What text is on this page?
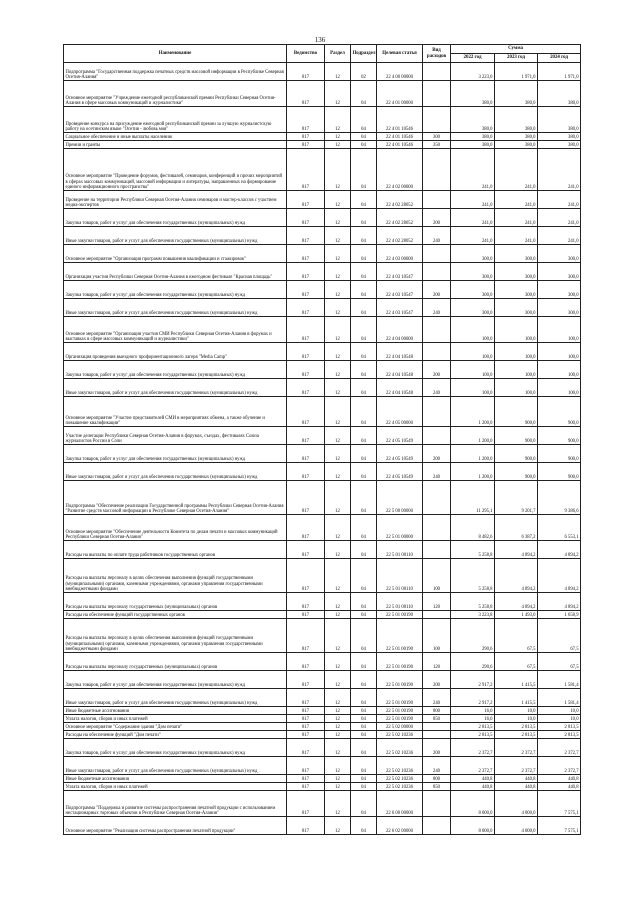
136
Наименование	Ведомство	Раздел	Подраздел	Целевая статья	Вид расходов	Сумма		
						2022 год	2023 год	2024 год
Подпрограмма "Государственная поддержка печатных средств массовой информации в Республике Северная Осетия-Алания"	817	12	02	22 4 00 00000		3 223,0	1 971,0	1 971,0
Основное мероприятие "Учреждение ежегодной республиканской премии Республики Северная Осетия-Алания в сфере массовых коммуникаций и журналистики"	817	12	04	22 4 01 00000		380,0	380,0	380,0
Проведение конкурса на присуждение ежегодной республиканской премии за лучшую журналистскую работу на осетинском языке "Осетия - любовь моя"	817	12	04	22 4 01 10546		380,0	380,0	380,0
Социальное обеспечение и иные выплаты населению	817	12	04	22 4 01 10546	300	380,0	380,0	380,0
Премии и гранты	817	12	04	22 4 01 10546	350	380,0	380,0	380,0
Основное мероприятие "Проведение форумов, фестивалей, семинаров, конференций и прочих мероприятий в сферах массовых коммуникаций, массовой информации и литературы, направленных на формирование единого информационного пространства"	817	12	04	22 4 02 00000		241,0	241,0	241,0
Проведение на территории Республики Северная Осетия-Алания семинаров и мастер-классов с участием медиа-экспертов	817	12	04	22 4 02 28052		241,0	241,0	241,0
Закупка товаров, работ и услуг для обеспечения государственных (муниципальных) нужд	817	12	04	22 4 02 28052	200	241,0	241,0	241,0
Иные закупки товаров, работ и услуг для обеспечения государственных (муниципальных) нужд	817	12	04	22 4 02 28052	240	241,0	241,0	241,0
Основное мероприятие "Организация программ повышения квалификации и стажировок"	817	12	04	22 4 03 00000		300,0	300,0	300,0
Организация участия Республики Северная Осетия-Алания в ежегодном фестивале "Красная площадь"	817	12	04	22 4 03 10547		300,0	300,0	300,0
Закупка товаров, работ и услуг для обеспечения государственных (муниципальных) нужд	817	12	04	22 4 03 10547	200	300,0	300,0	300,0
Иные закупки товаров, работ и услуг для обеспечения государственных (муниципальных) нужд	817	12	04	22 4 03 10547	240	300,0	300,0	300,0
Основное мероприятие "Организация участия СМИ Республики Северная Осетия-Алания в форумах и выставках в сфере массовых коммуникаций и журналистики"	817	12	04	22 4 04 00000		100,0	100,0	100,0
Организация проведения выездного профориентационного лагеря "Media Camp"	817	12	04	22 4 04 10548		100,0	100,0	100,0
Закупка товаров, работ и услуг для обеспечения государственных (муниципальных) нужд	817	12	04	22 4 04 10548	200	100,0	100,0	100,0
Иные закупки товаров, работ и услуг для обеспечения государственных (муниципальных) нужд	817	12	04	22 4 04 10548	240	100,0	100,0	100,0
Основное мероприятие "Участие представителей СМИ в мероприятиях обмена, а также обучение и повышение квалификации"	817	12	04	22 4 05 00000		1 200,0	900,0	900,0
Участие делегации Республики Северная Осетия-Алания в форумах, съездах, фестивалях Союза журналистов России в Сочи	817	12	04	22 4 05 10549		1 200,0	900,0	900,0
Закупка товаров, работ и услуг для обеспечения государственных (муниципальных) нужд	817	12	04	22 4 05 10549	200	1 200,0	900,0	900,0
Иные закупки товаров, работ и услуг для обеспечения государственных (муниципальных) нужд	817	12	04	22 4 05 10549	240	1 200,0	900,0	900,0
Подпрограмма "Обеспечение реализации Государственной программы Республики Северная Осетия-Алания "Развитие средств массовой информации в Республике Северная Осетия-Алания"	817	12	04	22 5 00 00000		11 295,1	9 201,7	9 386,6
Основное мероприятие "Обеспечение деятельности Комитета по делам печати и массовых коммуникаций Республики Северная Осетия-Алания"	817	12	04	22 5 01 00000		8 482,6	6 387,2	6 553,1
Расходы на выплаты по оплате труда работников государственных органов	817	12	04	22 5 01 00110		5 258,8	4 894,2	4 894,2
Расходы на выплаты персоналу в целях обеспечения выполнения функций государственными (муниципальными) органами, казенными учреждениями, органами управления государственными внебюджетными фондами	817	12	04	22 5 01 00110	100	5 258,8	4 894,2	4 894,2
Расходы на выплаты персоналу государственных (муниципальных) органов	817	12	04	22 5 01 00110	120	5 258,8	4 894,2	4 894,2
Расходы на обеспечение функций государственных органов	817	12	04	22 5 01 00190		3 223,8	1 493,0	1 658,9
Расходы на выплаты персоналу в целях обеспечения выполнения функций государственными (муниципальными) органами, казенными учреждениями, органами управления государственными внебюджетными фондами	817	12	04	22 5 01 00190	100	290,6	67,5	67,5
Расходы на выплаты персоналу государственных (муниципальных) органов	817	12	04	22 5 01 00190	120	290,6	67,5	67,5
Закупка товаров, работ и услуг для обеспечения государственных (муниципальных) нужд	817	12	04	22 5 01 00190	200	2 917,2	1 415,5	1 581,4
Иные закупки товаров, работ и услуг для обеспечения государственных (муниципальных) нужд	817	12	04	22 5 01 00190	240	2 917,2	1 415,5	1 581,4
Иные бюджетные ассигнования	817	12	04	22 5 01 00190	800	16,0	10,0	10,0
Уплата налогов, сборов и иных платежей	817	12	04	22 5 01 00190	850	16,0	10,0	10,0
Основное мероприятие "Содержание здания "Дом печати"	817	12	04	22 5 02 00000		2 813,5	2 813,5	2 813,5
Расходы на обеспечение функций "Дом печати"	817	12	04	22 5 02 10236		2 813,5	2 813,5	2 813,5
Закупка товаров, работ и услуг для обеспечения государственных (муниципальных) нужд	817	12	04	22 5 02 10236	200	2 372,7	2 372,7	2 372,7
Иные закупки товаров, работ и услуг для обеспечения государственных (муниципальных) нужд	817	12	04	22 5 02 10236	240	2 372,7	2 372,7	2 372,7
Иные бюджетные ассигнования	817	12	04	22 5 02 10236	800	440,8	440,8	440,8
Уплата налогов, сборов и иных платежей	817	12	04	22 5 02 10236	850	440,8	440,8	440,8
Подпрограмма "Поддержка и развитие системы распространения печатной продукции с использованием нестационарных торговых объектов в Республике Северная Осетия-Алания"	817	12	04	22 6 00 00000		8 000,0	4 000,0	7 575,1
Основное мероприятие "Реализация системы распространения печатной продукции"	817	12	04	22 6 02 00000		8 000,0	4 000,0	7 575,1
